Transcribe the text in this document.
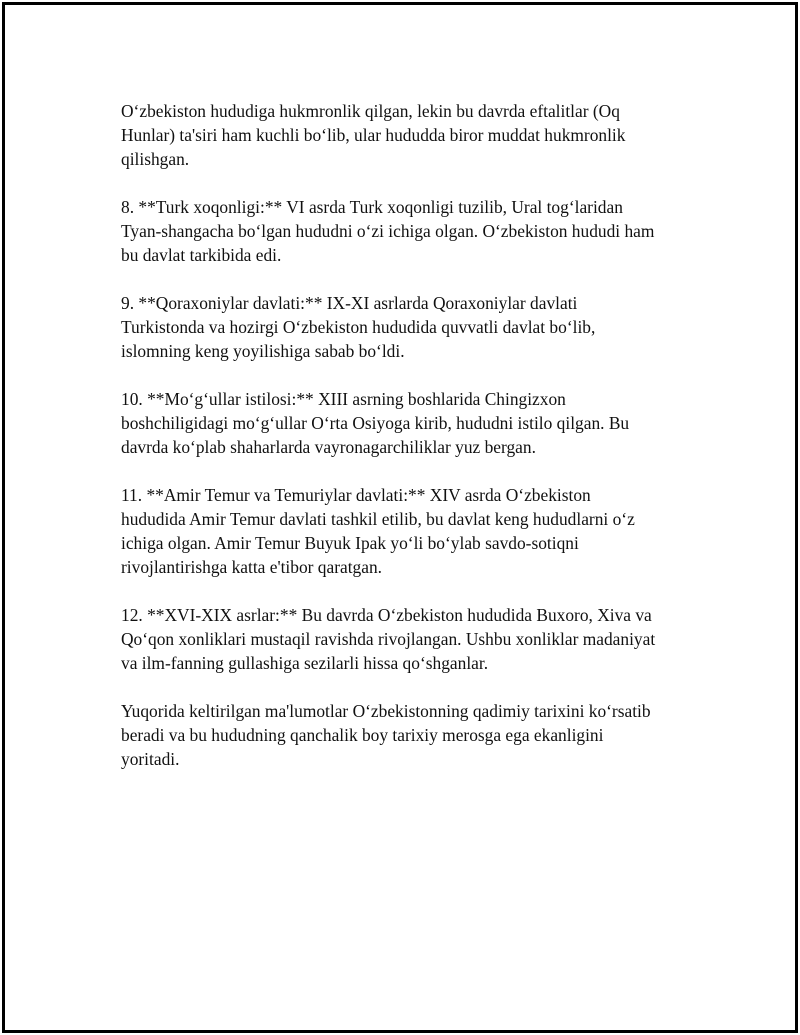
O‘zbekiston hududiga hukmronlik qilgan, lekin bu davrda eftalitlar (Oq
Hunlar) ta'siri ham kuchli bo‘lib, ular hududda biror muddat hukmronlik
qilishgan.

8. **Turk xoqonligi:** VI asrda Turk xoqonligi tuzilib, Ural tog‘laridan
Tyan-shangacha bo‘lgan hududni o‘zi ichiga olgan. O‘zbekiston hududi ham
bu davlat tarkibida edi.

9. **Qoraxoniylar davlati:** IX-XI asrlarda Qoraxoniylar davlati
Turkistonda va hozirgi O‘zbekiston hududida quvvatli davlat bo‘lib,
islomning keng yoyilishiga sabab bo‘ldi.

10. **Mo‘g‘ullar istilosi:** XIII asrning boshlarida Chingizxon
boshchiligidagi mo‘g‘ullar O‘rta Osiyoga kirib, hududni istilo qilgan. Bu
davrda ko‘plab shaharlarda vayronagarchiliklar yuz bergan.

11. **Amir Temur va Temuriylar davlati:** XIV asrda O‘zbekiston
hududida Amir Temur davlati tashkil etilib, bu davlat keng hududlarni o‘z
ichiga olgan. Amir Temur Buyuk Ipak yo‘li bo‘ylab savdo-sotiqni
rivojlantirishga katta e'tibor qaratgan.

12. **XVI-XIX asrlar:** Bu davrda O‘zbekiston hududida Buxoro, Xiva va
Qo‘qon xonliklari mustaqil ravishda rivojlangan. Ushbu xonliklar madaniyat
va ilm-fanning gullashiga sezilarli hissa qo‘shganlar.

Yuqorida keltirilgan ma'lumotlar O‘zbekistonning qadimiy tarixini ko‘rsatib
beradi va bu hududning qanchalik boy tarixiy merosga ega ekanligini
yoritadi.
